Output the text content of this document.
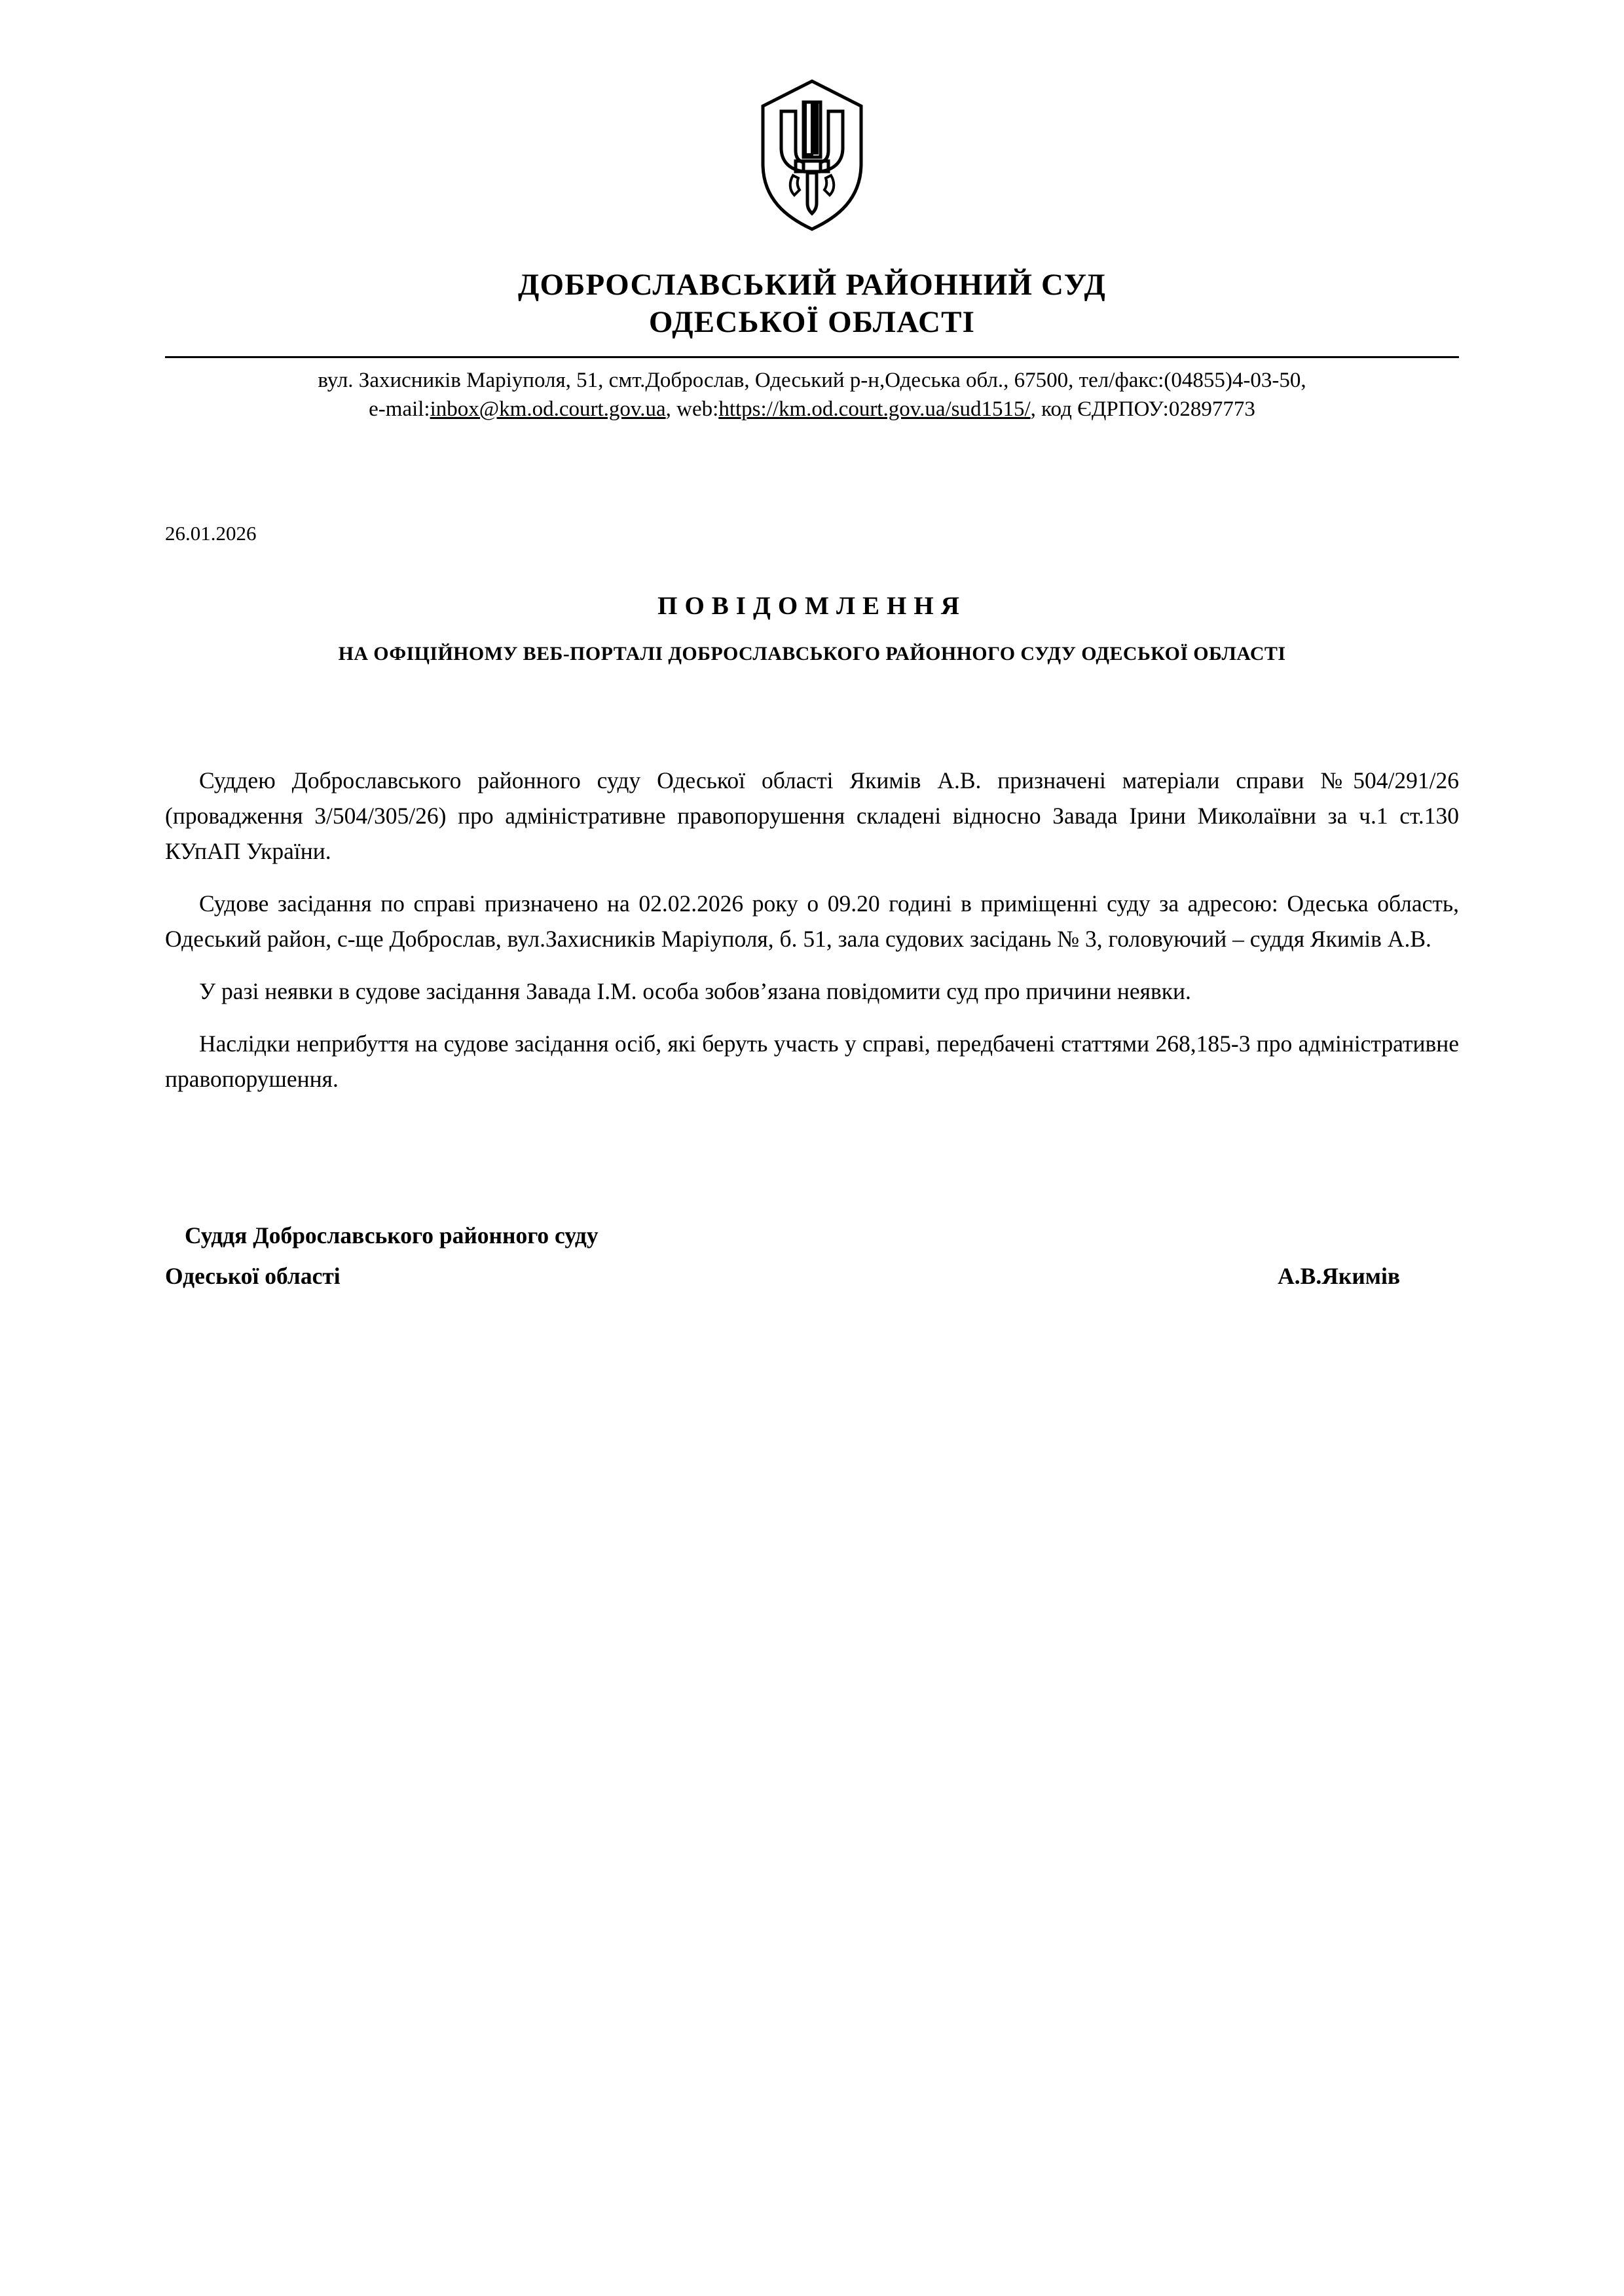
ДОБРОСЛАВСЬКИЙ РАЙОННИЙ СУД
ОДЕСЬКОЇ ОБЛАСТІ
вул. Захисників Маріуполя, 51, смт.Доброслав, Одеський р-н,Одеська обл., 67500, тел/факс:(04855)4-03-50,
e-mail:inbox@km.od.court.gov.ua, web:https://km.od.court.gov.ua/sud1515/, код ЄДРПОУ:02897773
26.01.2026
ПОВІДОМЛЕННЯ
НА ОФІЦІЙНОМУ ВЕБ-ПОРТАЛІ ДОБРОСЛАВСЬКОГО РАЙОННОГО СУДУ ОДЕСЬКОЇ ОБЛАСТІ

Суддею Доброславського районного суду Одеської області Якимів А.В. призначені матеріали справи №504/291/26 (провадження 3/504/305/26) про адміністративне правопорушення складені відносно Завада Ірини Миколаївни за ч.1 ст.130 КУпАП України.

Судове засідання по справі призначено на 02.02.2026 року о 09.20 годині в приміщенні суду за адресою: Одеська область, Одеський район, с-ще Доброслав, вул.Захисників Маріуполя, б. 51, зала судових засідань № 3, головуючий – суддя Якимів А.В.

У разі неявки в судове засідання Завада І.М. особа зобов’язана повідомити суд про причини неявки.

Наслідки неприбуття на судове засідання осіб, які беруть участь у справі, передбачені статтями 268,185-3 про адміністративне правопорушення.

Суддя Доброславського районного суду
Одеської області	А.В.Якимів
